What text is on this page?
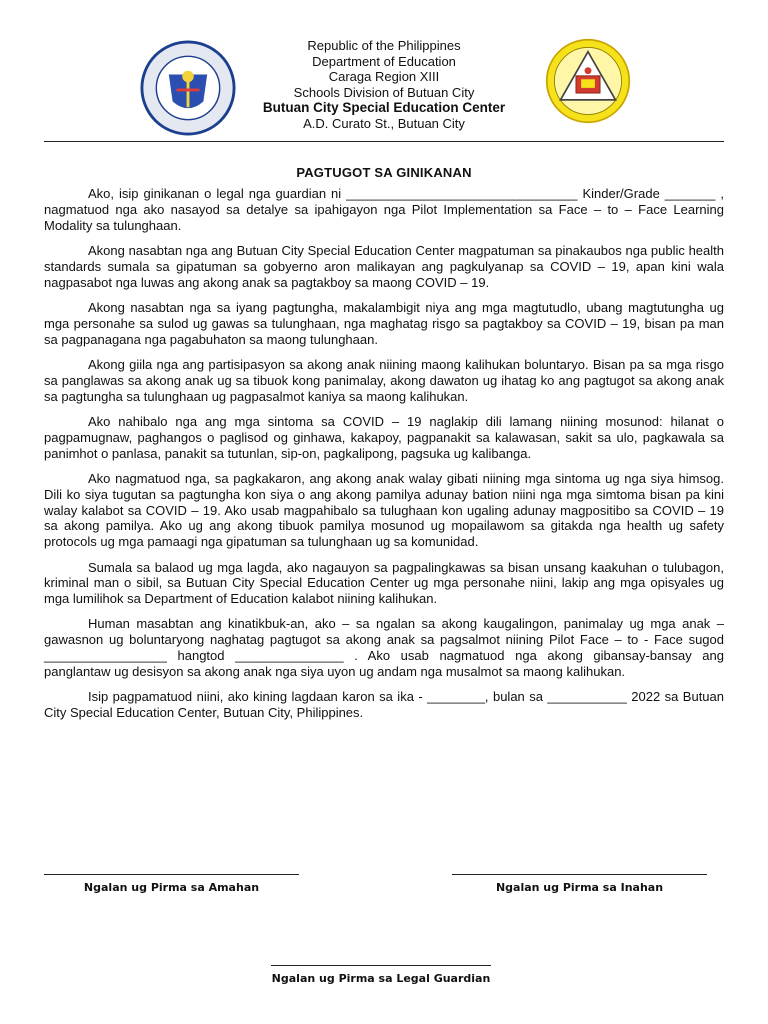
Republic of the Philippines
Department of Education
Caraga Region XIII
Schools Division of Butuan City
Butuan City Special Education Center
A.D. Curato St., Butuan City
PAGTUGOT SA GINIKANAN

Ako, isip ginikanan o legal nga guardian ni ________________________________ Kinder/Grade _______ , nagmatuod nga ako nasayod sa detalye sa ipahigayon nga Pilot Implementation sa Face – to – Face Learning Modality sa tulunghaan.

Akong nasabtan nga ang Butuan City Special Education Center magpatuman sa pinakaubos nga public health standards sumala sa gipatuman sa gobyerno aron malikayan ang pagkulyanap sa COVID – 19, apan kini wala nagpasabot nga luwas ang akong anak sa pagtakboy sa maong COVID – 19.

Akong nasabtan nga sa iyang pagtungha, makalambigit niya ang mga magtutudlo, ubang magtutungha ug mga personahe sa sulod ug gawas sa tulunghaan, nga maghatag risgo sa pagtakboy sa COVID – 19, bisan pa man sa pagpanagana nga pagabuhaton sa maong tulunghaan.

Akong giila nga ang partisipasyon sa akong anak niining maong kalihukan boluntaryo. Bisan pa sa mga risgo sa panglawas sa akong anak ug sa tibuok kong panimalay, akong dawaton ug ihatag ko ang pagtugot sa akong anak sa pagtungha sa tulunghaan ug pagpasalmot kaniya sa maong kalihukan.

Ako nahibalo nga ang mga sintoma sa COVID – 19 naglakip dili lamang niining mosunod: hilanat o pagpamugnaw, paghangos o paglisod og ginhawa, kakapoy, pagpanakit sa kalawasan, sakit sa ulo, pagkawala sa panimhot o panlasa, panakit sa tutunlan, sip-on, pagkalipong, pagsuka ug kalibanga.

Ako nagmatuod nga, sa pagkakaron, ang akong anak walay gibati niining mga sintoma ug nga siya himsog. Dili ko siya tugutan sa pagtungha kon siya o ang akong pamilya adunay bation niini nga mga simtoma bisan pa kini walay kalabot sa COVID – 19. Ako usab magpahibalo sa tulughaan kon ugaling adunay magpositibo sa COVID – 19 sa akong pamilya. Ako ug ang akong tibuok pamilya mosunod ug mopailawom sa gitakda nga health ug safety protocols ug mga pamaagi nga gipatuman sa tulunghaan ug sa komunidad.

Sumala sa balaod ug mga lagda, ako nagauyon sa pagpalingkawas sa bisan unsang kaakuhan o tulubagon, kriminal man o sibil, sa Butuan City Special Education Center ug mga personahe niini, lakip ang mga opisyales ug mga lumilihok sa Department of Education kalabot niining kalihukan.

Human masabtan ang kinatikbuk-an, ako – sa ngalan sa akong kaugalingon, panimalay ug mga anak – gawasnon ug boluntaryong naghatag pagtugot sa akong anak sa pagsalmot niining Pilot Face – to - Face sugod _________________ hangtod _______________ . Ako usab nagmatuod nga akong gibansay-bansay ang panglantaw ug desisyon sa akong anak nga siya uyon ug andam nga musalmot sa maong kalihukan.

Isip pagpamatuod niini, ako kining lagdaan karon sa ika - ________, bulan sa ___________ 2022 sa Butuan City Special Education Center, Butuan City, Philippines.

Ngalan ug Pirma sa Amahan	Ngalan ug Pirma sa Inahan
Ngalan ug Pirma sa Legal Guardian
